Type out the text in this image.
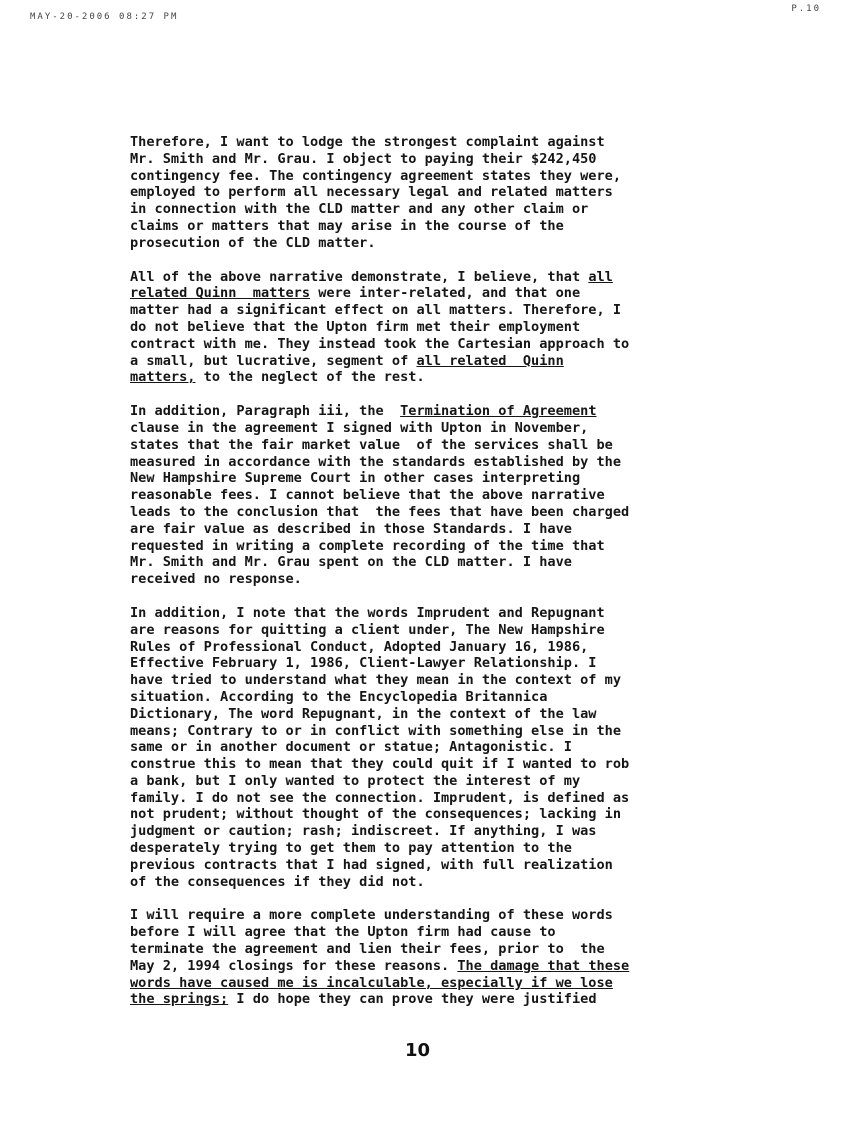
MAY-20-2006 08:27 PM
P.10
Therefore, I want to lodge the strongest complaint against
Mr. Smith and Mr. Grau. I object to paying their $242,450
contingency fee. The contingency agreement states they were,
employed to perform all necessary legal and related matters
in connection with the CLD matter and any other claim or
claims or matters that may arise in the course of the
prosecution of the CLD matter.
All of the above narrative demonstrate, I believe, that all
related Quinn  matters were inter-related, and that one
matter had a significant effect on all matters. Therefore, I
do not believe that the Upton firm met their employment
contract with me. They instead took the Cartesian approach to
a small, but lucrative, segment of all related  Quinn
matters, to the neglect of the rest.
In addition, Paragraph iii, the  Termination of Agreement
clause in the agreement I signed with Upton in November,
states that the fair market value  of the services shall be
measured in accordance with the standards established by the
New Hampshire Supreme Court in other cases interpreting
reasonable fees. I cannot believe that the above narrative
leads to the conclusion that  the fees that have been charged
are fair value as described in those Standards. I have
requested in writing a complete recording of the time that
Mr. Smith and Mr. Grau spent on the CLD matter. I have
received no response.
In addition, I note that the words Imprudent and Repugnant
are reasons for quitting a client under, The New Hampshire
Rules of Professional Conduct, Adopted January 16, 1986,
Effective February 1, 1986, Client-Lawyer Relationship. I
have tried to understand what they mean in the context of my
situation. According to the Encyclopedia Britannica
Dictionary, The word Repugnant, in the context of the law
means; Contrary to or in conflict with something else in the
same or in another document or statue; Antagonistic. I
construe this to mean that they could quit if I wanted to rob
a bank, but I only wanted to protect the interest of my
family. I do not see the connection. Imprudent, is defined as
not prudent; without thought of the consequences; lacking in
judgment or caution; rash; indiscreet. If anything, I was
desperately trying to get them to pay attention to the
previous contracts that I had signed, with full realization
of the consequences if they did not.
I will require a more complete understanding of these words
before I will agree that the Upton firm had cause to
terminate the agreement and lien their fees, prior to  the
May 2, 1994 closings for these reasons. The damage that these
words have caused me is incalculable, especially if we lose
the springs; I do hope they can prove they were justified
10
